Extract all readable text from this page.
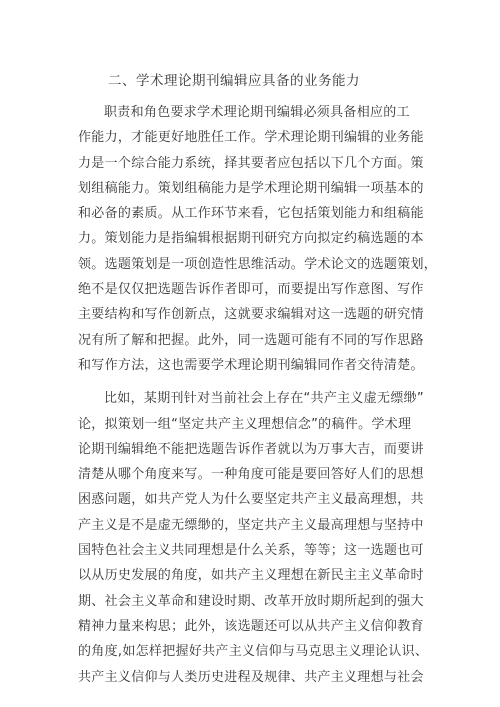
二、学术理论期刊编辑应具备的业务能力
职责和角色要求学术理论期刊编辑必须具备相应的工
作能力，才能更好地胜任工作。学术理论期刊编辑的业务能
力是一个综合能力系统，择其要者应包括以下几个方面。策
划组稿能力。策划组稿能力是学术理论期刊编辑一项基本的
和必备的素质。从工作环节来看，它包括策划能力和组稿能
力。策划能力是指编辑根据期刊研究方向拟定约稿选题的本
领。选题策划是一项创造性思维活动。学术论文的选题策划，
绝不是仅仅把选题告诉作者即可，而要提出写作意图、写作
主要结构和写作创新点，这就要求编辑对这一选题的研究情
况有所了解和把握。此外，同一选题可能有不同的写作思路
和写作方法，这也需要学术理论期刊编辑同作者交待清楚。
比如，某期刊针对当前社会上存在“共产主义虚无缥缈”
论，拟策划一组“坚定共产主义理想信念”的稿件。学术理
论期刊编辑绝不能把选题告诉作者就以为万事大吉，而要讲
清楚从哪个角度来写。一种角度可能是要回答好人们的思想
困惑问题，如共产党人为什么要坚定共产主义最高理想，共
产主义是不是虚无缥缈的，坚定共产主义最高理想与坚持中
国特色社会主义共同理想是什么关系，等等；这一选题也可
以从历史发展的角度，如共产主义理想在新民主主义革命时
期、社会主义革命和建设时期、改革开放时期所起到的强大
精神力量来构思；此外，该选题还可以从共产主义信仰教育
的角度,如怎样把握好共产主义信仰与马克思主义理论认识、
共产主义信仰与人类历史进程及规律、共产主义理想与社会
